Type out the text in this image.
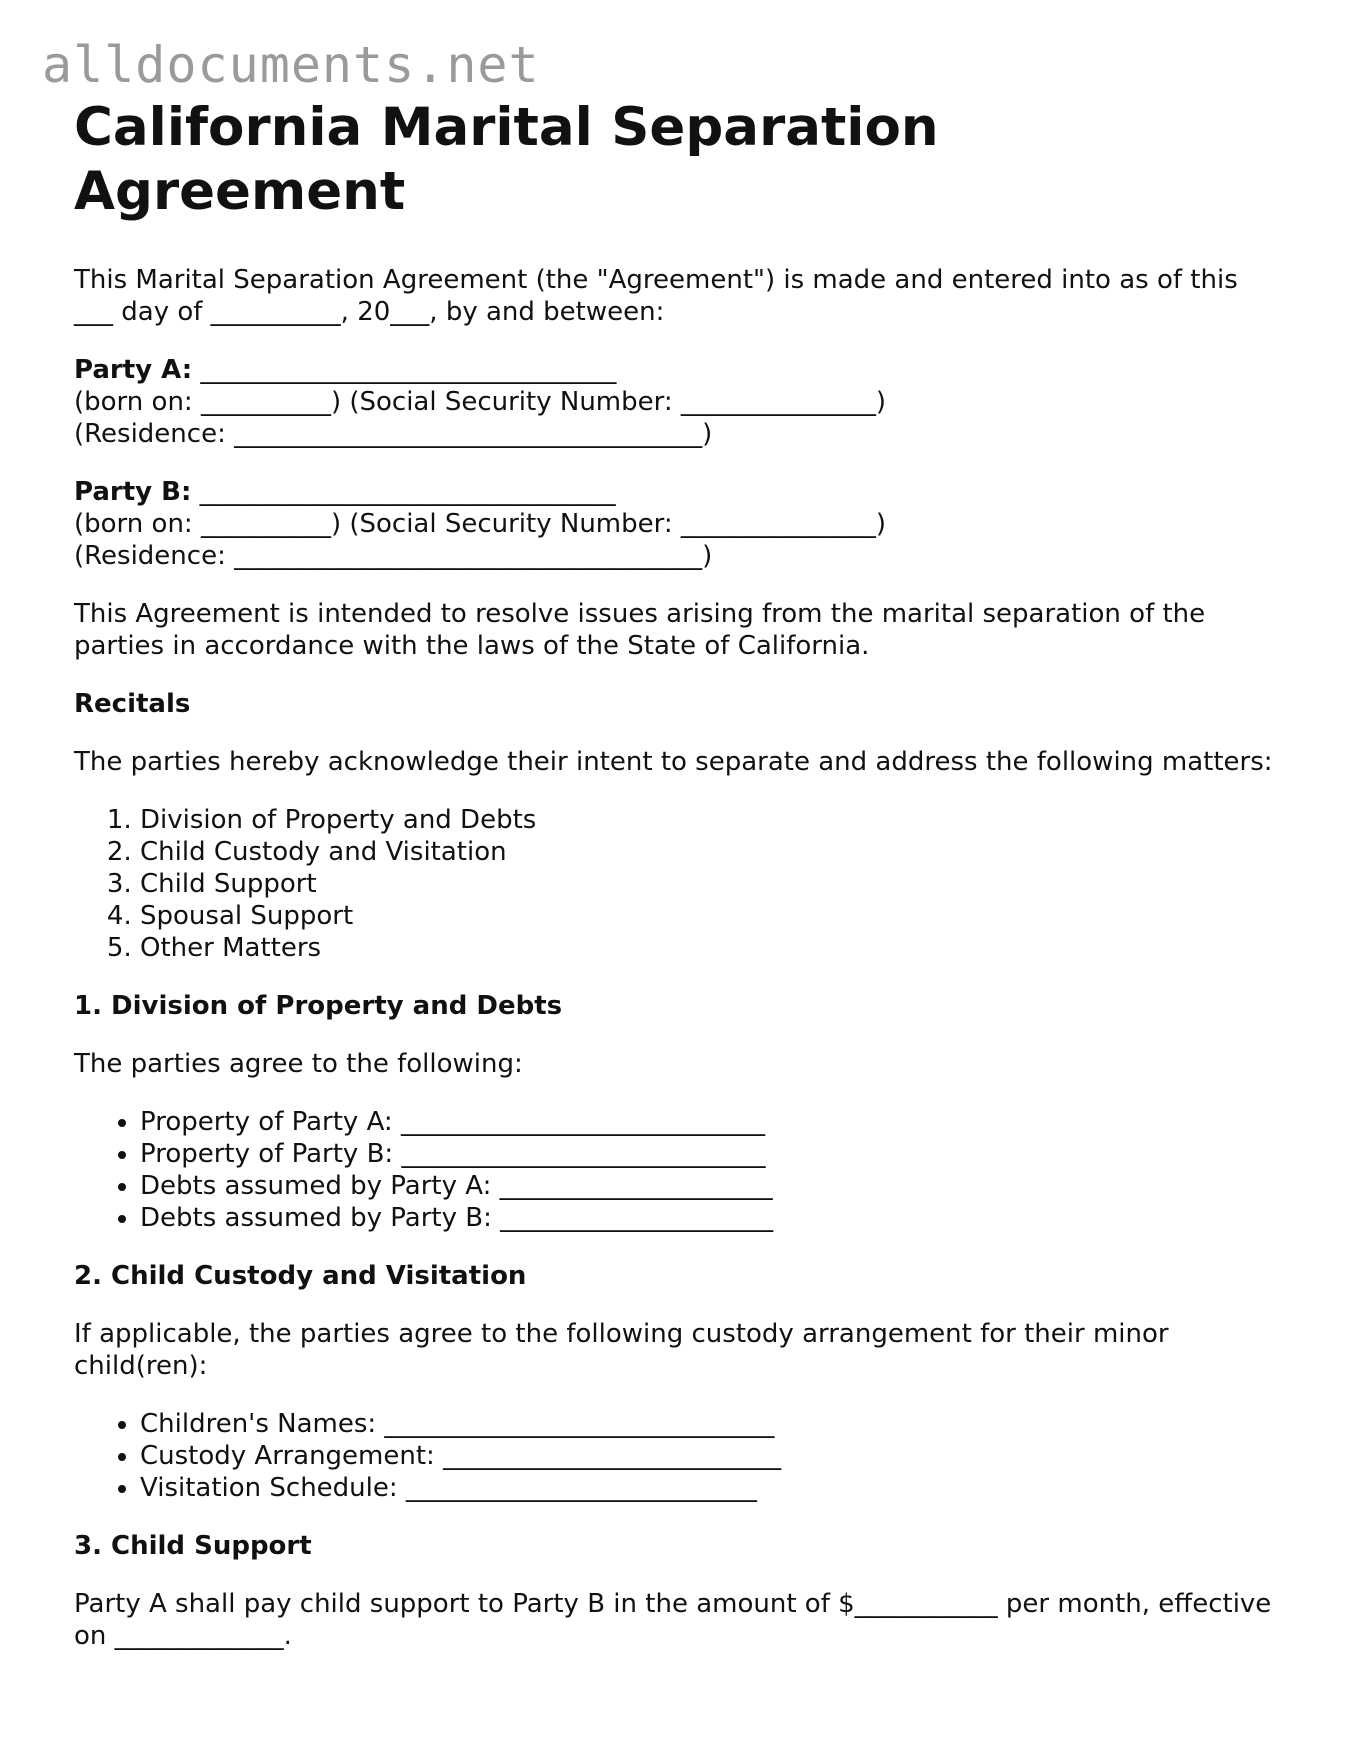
alldocuments.net
California Marital Separation Agreement

This Marital Separation Agreement (the "Agreement") is made and entered into as of this ___ day of __________, 20___, by and between:

Party A: ________________________________
(born on: __________) (Social Security Number: _______________)
(Residence: ____________________________________)
Party B: ________________________________
(born on: __________) (Social Security Number: _______________)
(Residence: ____________________________________)

This Agreement is intended to resolve issues arising from the marital separation of the parties in accordance with the laws of the State of California.

Recitals

The parties hereby acknowledge their intent to separate and address the following matters:

1. Division of Property and Debts
2. Child Custody and Visitation
3. Child Support
4. Spousal Support
5. Other Matters
1. Division of Property and Debts

The parties agree to the following:

• Property of Party A: ____________________________
• Property of Party B: ____________________________
• Debts assumed by Party A: _____________________
• Debts assumed by Party B: _____________________
2. Child Custody and Visitation

If applicable, the parties agree to the following custody arrangement for their minor child(ren):

• Children's Names: ______________________________
• Custody Arrangement: __________________________
• Visitation Schedule: ___________________________
3. Child Support

Party A shall pay child support to Party B in the amount of $___________ per month, effective on _____________.
